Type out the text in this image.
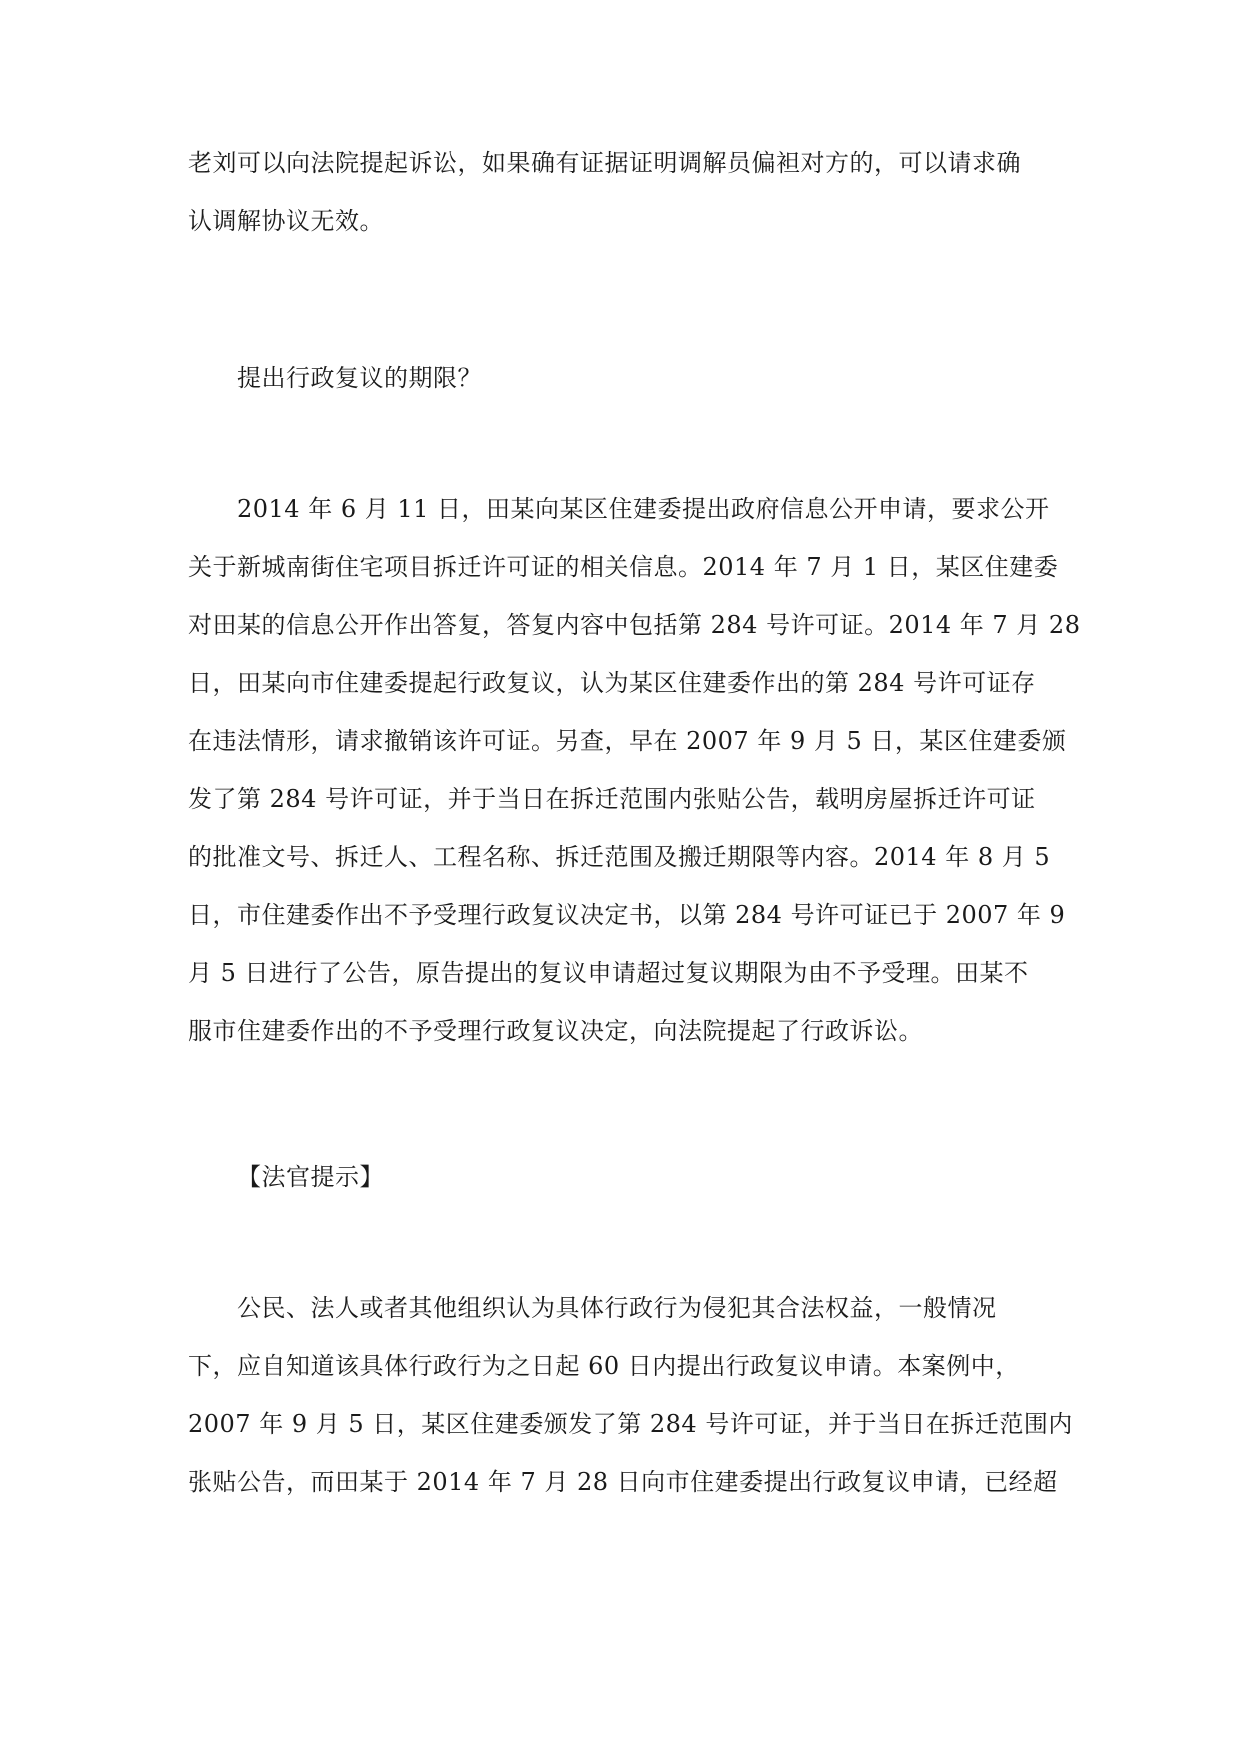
老刘可以向法院提起诉讼，如果确有证据证明调解员偏袒对方的，可以请求确
认调解协议无效。
提出行政复议的期限？
2014 年 6 月 11 日，田某向某区住建委提出政府信息公开申请，要求公开
关于新城南街住宅项目拆迁许可证的相关信息。2014 年 7 月 1 日，某区住建委
对田某的信息公开作出答复，答复内容中包括第 284 号许可证。2014 年 7 月 28
日，田某向市住建委提起行政复议，认为某区住建委作出的第 284 号许可证存
在违法情形，请求撤销该许可证。另查，早在 2007 年 9 月 5 日，某区住建委颁
发了第 284 号许可证，并于当日在拆迁范围内张贴公告，载明房屋拆迁许可证
的批准文号、拆迁人、工程名称、拆迁范围及搬迁期限等内容。2014 年 8 月 5
日，市住建委作出不予受理行政复议决定书，以第 284 号许可证已于 2007 年 9
月 5 日进行了公告，原告提出的复议申请超过复议期限为由不予受理。田某不
服市住建委作出的不予受理行政复议决定，向法院提起了行政诉讼。
【法官提示】
公民、法人或者其他组织认为具体行政行为侵犯其合法权益，一般情况
下，应自知道该具体行政行为之日起 60 日内提出行政复议申请。本案例中，
2007 年 9 月 5 日，某区住建委颁发了第 284 号许可证，并于当日在拆迁范围内
张贴公告，而田某于 2014 年 7 月 28 日向市住建委提出行政复议申请，已经超
